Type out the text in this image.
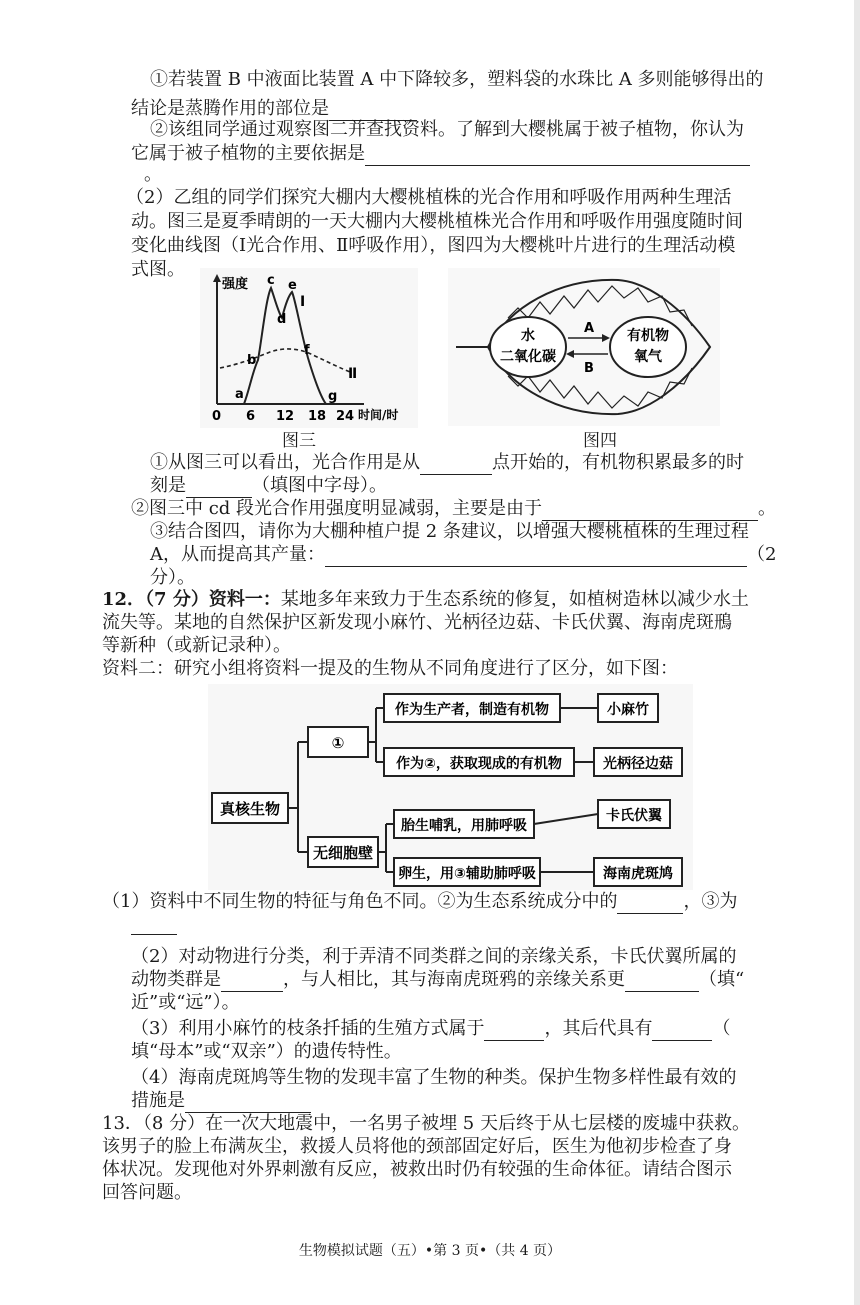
①若装置 B 中液面比装置 A 中下降较多，塑料袋的水珠比 A 多则能够得出的
结论是蒸腾作用的部位是
②该组同学通过观察图二并查找资料。了解到大樱桃属于被子植物，你认为
它属于被子植物的主要依据是
。
（2）乙组的同学们探究大棚内大樱桃植株的光合作用和呼吸作用两种生理活
动。图三是夏季晴朗的一天大棚内大樱桃植株光合作用和呼吸作用强度随时间
变化曲线图（Ⅰ光合作用、Ⅱ呼吸作用），图四为大樱桃叶片进行的生理活动模
式图。
强度
0 6 12 18 24 时间/时
a
b
c
d
e
f
g
Ⅰ
Ⅱ
图三
水
二氧化碳
有机物
氧气
A
B
图四
①从图三可以看出，光合作用是从	点开始的，有机物积累最多的时
刻是	（填图中字母）。
②图三中 cd 段光合作用强度明显减弱，主要是由于	。
③结合图四，请你为大棚种植户提 2 条建议，以增强大樱桃植株的生理过程
A，从而提高其产量：	（2
分）。
12．（7 分）资料一：某地多年来致力于生态系统的修复，如植树造林以减少水土
流失等。某地的自然保护区新发现小麻竹、光柄径边菇、卡氏伏翼、海南虎斑鳽
等新种（或新记录种）。
资料二：研究小组将资料一提及的生物从不同角度进行了区分，如下图：
真核生物
①
无细胞壁
作为生产者，制造有机物
作为②，获取现成的有机物
胎生哺乳，用肺呼吸
卵生，用③辅助肺呼吸
小麻竹
光柄径边菇
卡氏伏翼
海南虎斑鸠
（1）资料中不同生物的特征与角色不同。②为生态系统成分中的	，③为
（2）对动物进行分类，利于弄清不同类群之间的亲缘关系，卡氏伏翼所属的
动物类群是	，与人相比，其与海南虎斑鸦的亲缘关系更	（填“
近”或“远”）。
（3）利用小麻竹的枝条扦插的生殖方式属于	，其后代具有	（
填“母本”或“双亲”）的遗传特性。
（4）海南虎斑鸠等生物的发现丰富了生物的种类。保护生物多样性最有效的
措施是
13．（8 分）在一次大地震中，一名男子被埋 5 天后终于从七层楼的废墟中获救。
该男子的脸上布满灰尘，救援人员将他的颈部固定好后，医生为他初步检查了身
体状况。发现他对外界刺激有反应，被救出时仍有较强的生命体征。请结合图示
回答问题。
生物模拟试题（五）•第 3 页•（共 4 页）
